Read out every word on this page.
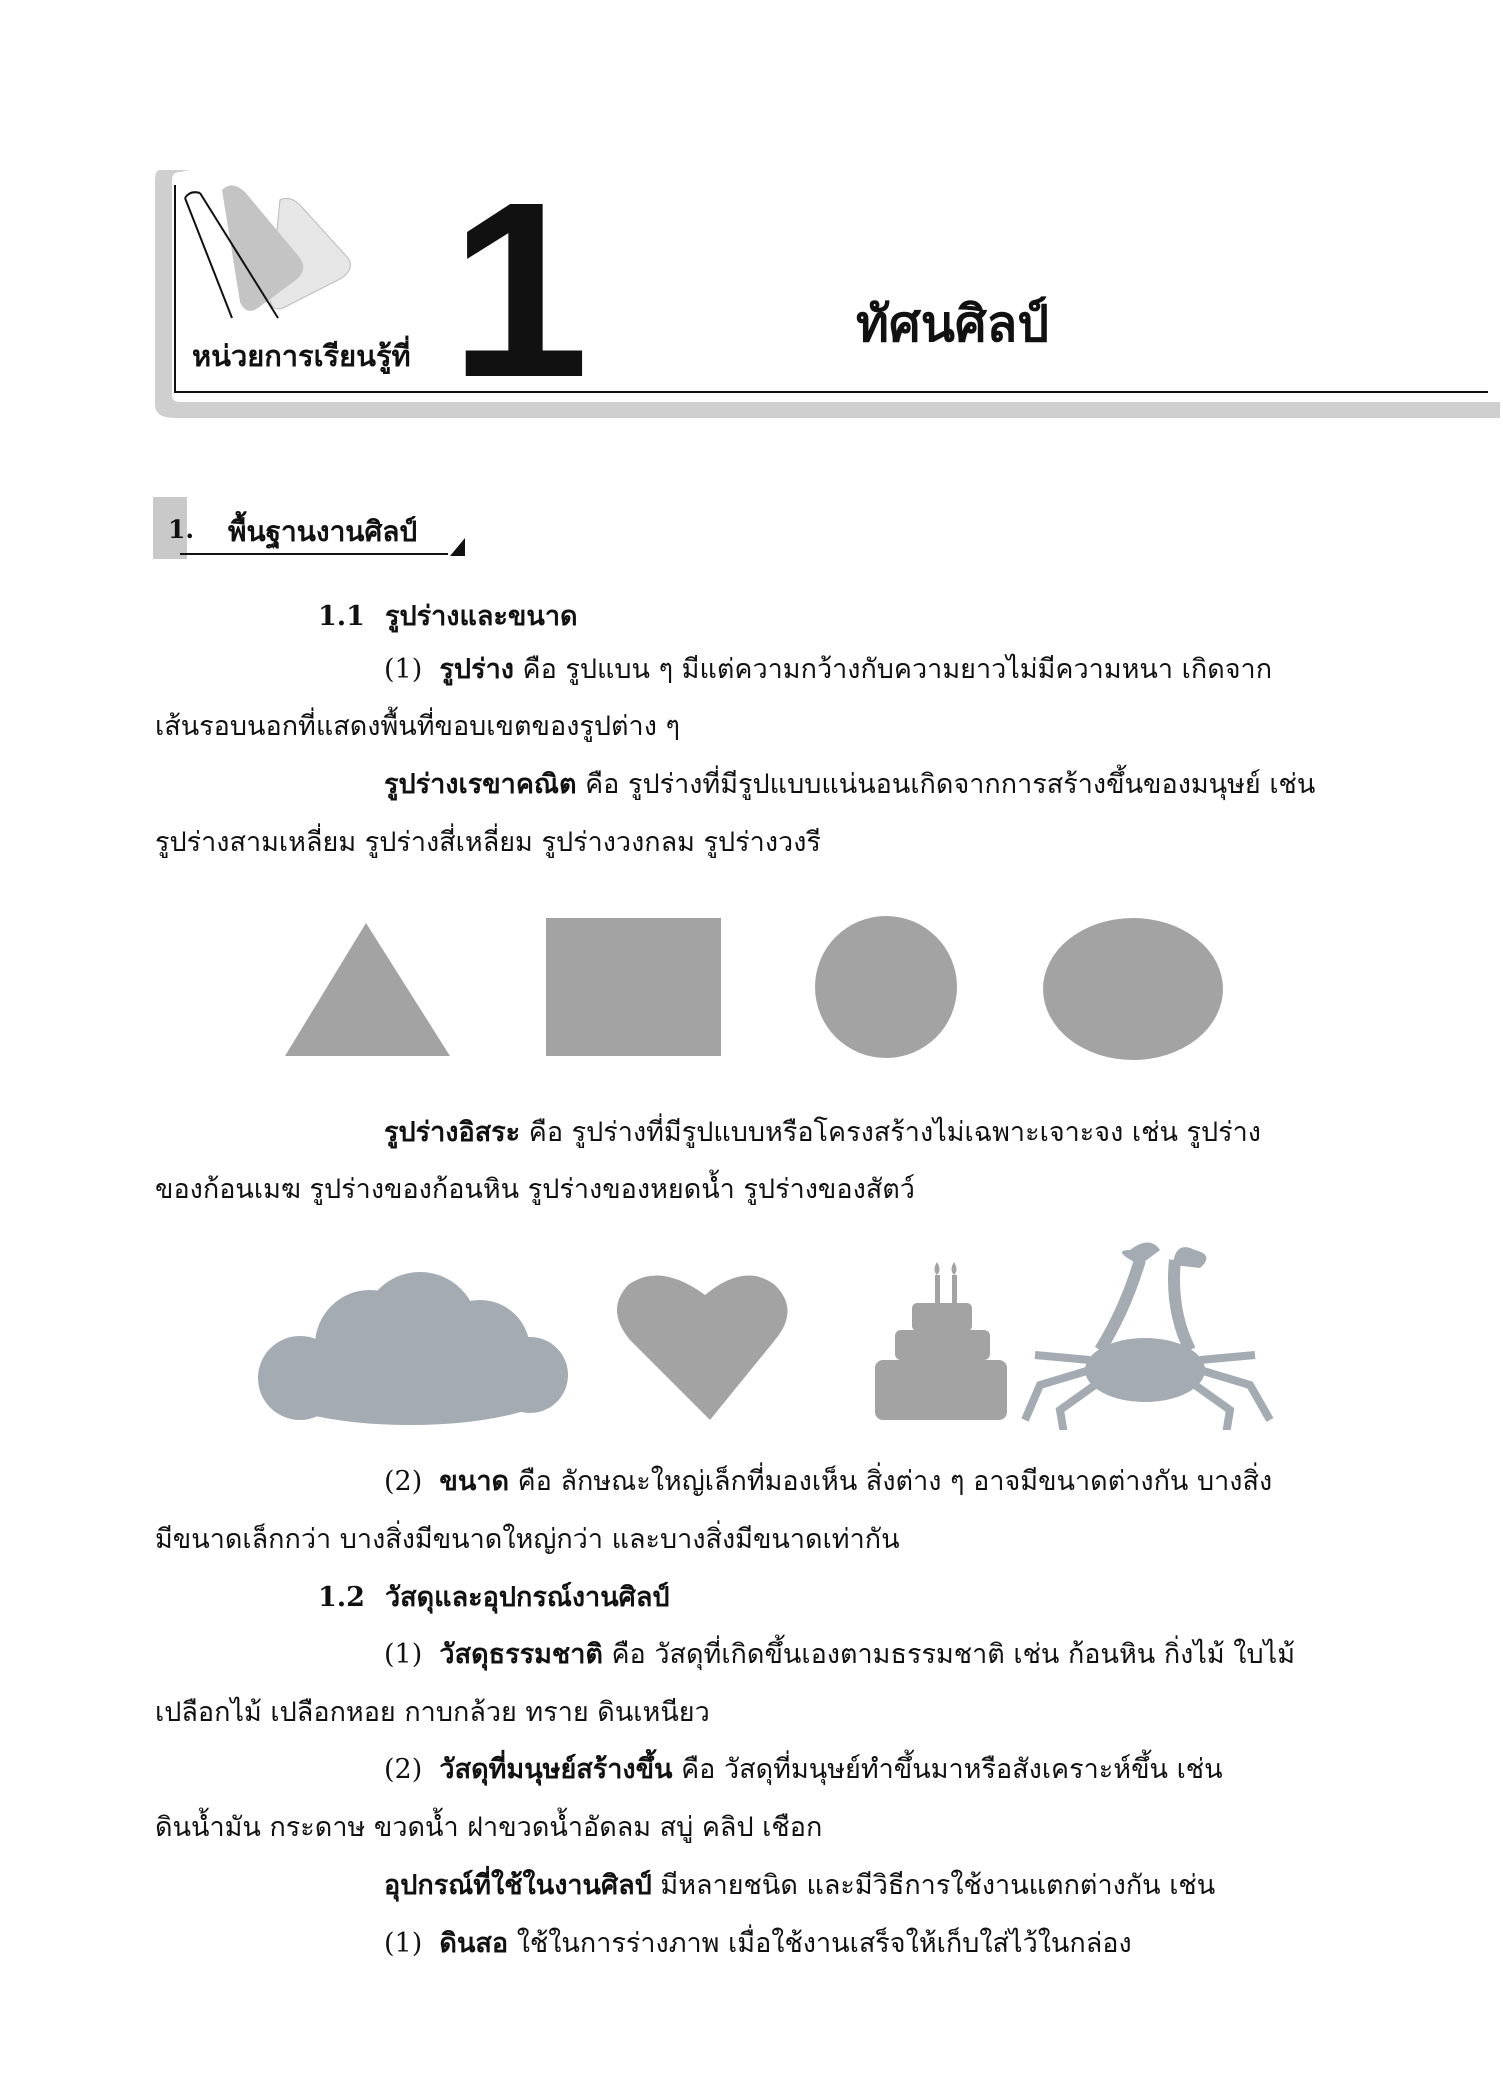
หน่วยการเรียนรู้ที่ 1	ทัศนศิลป์
1. พื้นฐานงานศิลป์
1.1 รูปร่างและขนาด
(1) รูปร่าง คือ รูปแบน ๆ มีแต่ความกว้างกับความยาวไม่มีความหนา เกิดจาก
เส้นรอบนอกที่แสดงพื้นที่ขอบเขตของรูปต่าง ๆ
รูปร่างเรขาคณิต คือ รูปร่างที่มีรูปแบบแน่นอนเกิดจากการสร้างขึ้นของมนุษย์ เช่น
รูปร่างสามเหลี่ยม รูปร่างสี่เหลี่ยม รูปร่างวงกลม รูปร่างวงรี
รูปร่างอิสระ คือ รูปร่างที่มีรูปแบบหรือโครงสร้างไม่เฉพาะเจาะจง เช่น รูปร่าง
ของก้อนเมฆ รูปร่างของก้อนหิน รูปร่างของหยดน้ำ รูปร่างของสัตว์
(2) ขนาด คือ ลักษณะใหญ่เล็กที่มองเห็น สิ่งต่าง ๆ อาจมีขนาดต่างกัน บางสิ่ง
มีขนาดเล็กกว่า บางสิ่งมีขนาดใหญ่กว่า และบางสิ่งมีขนาดเท่ากัน
1.2 วัสดุและอุปกรณ์งานศิลป์
(1) วัสดุธรรมชาติ คือ วัสดุที่เกิดขึ้นเองตามธรรมชาติ เช่น ก้อนหิน กิ่งไม้ ใบไม้
เปลือกไม้ เปลือกหอย กาบกล้วย ทราย ดินเหนียว
(2) วัสดุที่มนุษย์สร้างขึ้น คือ วัสดุที่มนุษย์ทำขึ้นมาหรือสังเคราะห์ขึ้น เช่น
ดินน้ำมัน กระดาษ ขวดน้ำ ฝาขวดน้ำอัดลม สบู่ คลิป เชือก
อุปกรณ์ที่ใช้ในงานศิลป์ มีหลายชนิด และมีวิธีการใช้งานแตกต่างกัน เช่น
(1) ดินสอ ใช้ในการร่างภาพ เมื่อใช้งานเสร็จให้เก็บใส่ไว้ในกล่อง
